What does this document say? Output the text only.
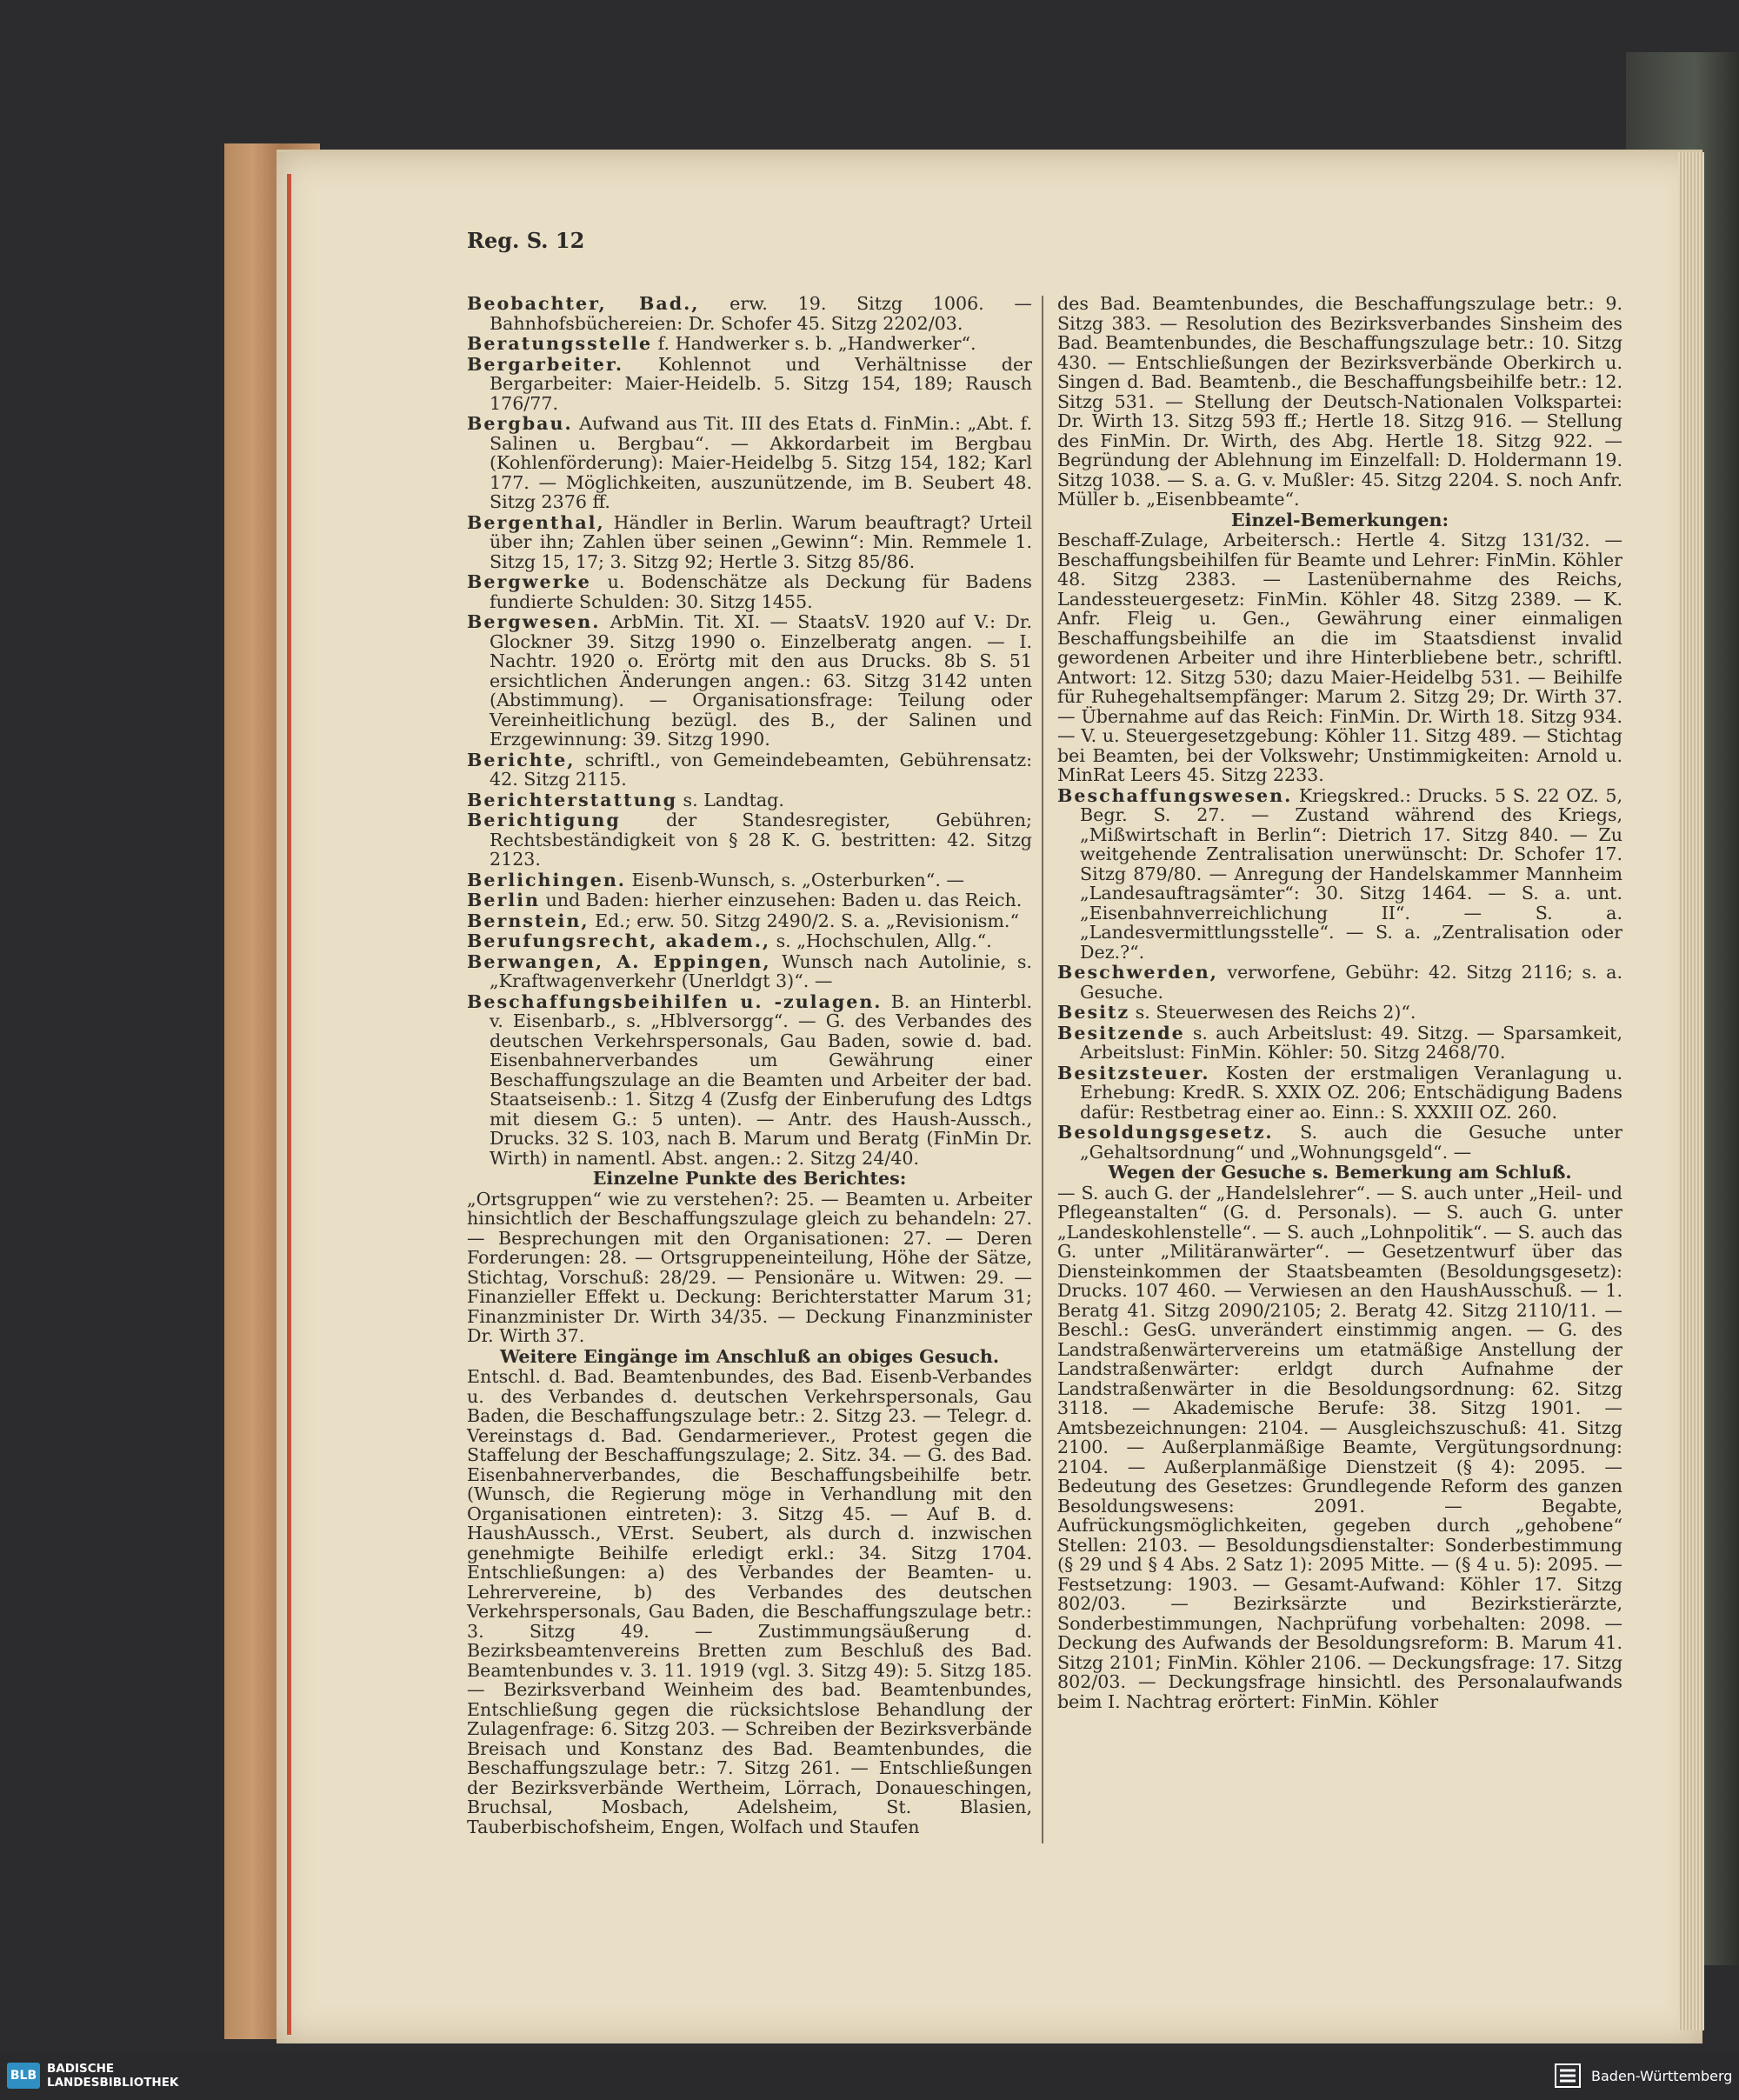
Reg. S. 12

Beobachter, Bad., erw. 19. Sitzg 1006. — Bahnhofsbüchereien: Dr. Schofer 45. Sitzg 2202/03.

Beratungsstelle f. Handwerker s. b. „Handwerker“.

Bergarbeiter. Kohlennot und Verhältnisse der Bergarbeiter: Maier-Heidelb. 5. Sitzg 154, 189; Rausch 176/77.

Bergbau. Aufwand aus Tit. III des Etats d. FinMin.: „Abt. f. Salinen u. Bergbau“. — Akkordarbeit im Bergbau (Kohlenförderung): Maier-Heidelbg 5. Sitzg 154, 182; Karl 177. — Möglichkeiten, auszunützende, im B. Seubert 48. Sitzg 2376 ff.

Bergenthal, Händler in Berlin. Warum beauftragt? Urteil über ihn; Zahlen über seinen „Gewinn“: Min. Remmele 1. Sitzg 15, 17; 3. Sitzg 92; Hertle 3. Sitzg 85/86.

Bergwerke u. Bodenschätze als Deckung für Badens fundierte Schulden: 30. Sitzg 1455.

Bergwesen. ArbMin. Tit. XI. — StaatsV. 1920 auf V.: Dr. Glockner 39. Sitzg 1990 o. Einzelberatg angen. — I. Nachtr. 1920 o. Erörtg mit den aus Drucks. 8b S. 51 ersichtlichen Änderungen angen.: 63. Sitzg 3142 unten (Abstimmung). — Organisationsfrage: Teilung oder Vereinheitlichung bezügl. des B., der Salinen und Erzgewinnung: 39. Sitzg 1990.

Berichte, schriftl., von Gemeindebeamten, Gebührensatz: 42. Sitzg 2115.

Berichterstattung s. Landtag.

Berichtigung	der Standesregister, Gebühren; Rechtsbeständigkeit von § 28 K. G. bestritten: 42. Sitzg 2123.

Berlichingen. Eisenb-Wunsch, s. „Osterburken“. —

Berlin und Baden: hierher einzusehen: Baden u. das Reich.

Bernstein, Ed.; erw. 50. Sitzg 2490/2. S. a. „Revisionism.“

Berufungsrecht, akadem., s. „Hochschulen, Allg.“.

Berwangen, A. Eppingen, Wunsch nach Autolinie, s. „Kraftwagenverkehr (Unerldgt 3)“. —

Beschaffungsbeihilfen u. -zulagen. B. an Hinterbl. v. Eisenbarb., s. „Hblversorgg“. — G. des Verbandes des deutschen Verkehrspersonals, Gau Baden, sowie d. bad. Eisenbahnerverbandes um Gewährung einer Beschaffungszulage an die Beamten und Arbeiter der bad. Staatseisenb.: 1. Sitzg 4 (Zusfg der Einberufung des Ldtgs mit diesem G.: 5 unten). — Antr. des Haush-Aussch., Drucks. 32 S. 103, nach B. Marum und Beratg (FinMin Dr. Wirth) in namentl. Abst. angen.: 2. Sitzg 24/40.

Einzelne Punkte des Berichtes:

„Ortsgruppen“ wie zu verstehen?: 25. — Beamten u. Arbeiter hinsichtlich der Beschaffungszulage gleich zu behandeln: 27. — Besprechungen mit den Organisationen: 27. — Deren Forderungen: 28. — Ortsgruppeneinteilung, Höhe der Sätze, Stichtag, Vorschuß: 28/29. — Pensionäre u. Witwen: 29. — Finanzieller Effekt u. Deckung: Berichterstatter Marum 31; Finanzminister Dr. Wirth 34/35. — Deckung Finanzminister Dr. Wirth 37.

Weitere Eingänge im Anschluß an obiges Gesuch.

Entschl. d. Bad. Beamtenbundes, des Bad. Eisenb-Verbandes u. des Verbandes d. deutschen Verkehrspersonals, Gau Baden, die Beschaffungszulage betr.: 2. Sitzg 23. — Telegr. d. Vereinstags d. Bad. Gendarmeriever., Protest gegen die Staffelung der Beschaffungszulage; 2. Sitz. 34. — G. des Bad. Eisenbahnerverbandes, die Beschaffungsbeihilfe betr. (Wunsch, die Regierung möge in Verhandlung mit den Organisationen eintreten): 3. Sitzg 45. — Auf B. d. HaushAussch., VErst. Seubert, als durch d. inzwischen genehmigte Beihilfe erledigt erkl.: 34. Sitzg 1704. Entschließungen: a) des Verbandes der Beamten- u. Lehrervereine, b) des Verbandes des deutschen Verkehrspersonals, Gau Baden, die Beschaffungszulage betr.: 3. Sitzg 49. — Zustimmungsäußerung d. Bezirksbeamtenvereins Bretten zum Beschluß des Bad. Beamtenbundes v. 3. 11. 1919 (vgl. 3. Sitzg 49): 5. Sitzg 185. — Bezirksverband Weinheim des bad. Beamtenbundes, Entschließung gegen die rücksichtslose Behandlung der Zulagenfrage: 6. Sitzg 203. — Schreiben der Bezirksverbände Breisach und Konstanz des Bad. Beamtenbundes, die Beschaffungszulage betr.: 7. Sitzg 261. — Entschließungen der Bezirksverbände Wertheim, Lörrach, Donaueschingen, Bruchsal, Mosbach, Adelsheim, St. Blasien, Tauberbischofsheim, Engen, Wolfach und Staufen

des Bad. Beamtenbundes, die Beschaffungszulage betr.: 9. Sitzg 383. — Resolution des Bezirksverbandes Sinsheim des Bad. Beamtenbundes, die Beschaffungszulage betr.: 10. Sitzg 430. — Entschließungen der Bezirksverbände Oberkirch u. Singen d. Bad. Beamtenb., die Beschaffungsbeihilfe betr.: 12. Sitzg 531. — Stellung der Deutsch-Nationalen Volkspartei: Dr. Wirth 13. Sitzg 593 ff.; Hertle 18. Sitzg 916. — Stellung des FinMin. Dr. Wirth, des Abg. Hertle 18. Sitzg 922. — Begründung der Ablehnung im Einzelfall: D. Holdermann 19. Sitzg 1038. — S. a. G. v. Mußler: 45. Sitzg 2204. S. noch Anfr. Müller b. „Eisenbbeamte“.

Einzel-Bemerkungen:

Beschaff-Zulage, Arbeitersch.: Hertle 4. Sitzg 131/32. — Beschaffungsbeihilfen für Beamte und Lehrer: FinMin. Köhler 48. Sitzg 2383. — Lastenübernahme des Reichs, Landessteuergesetz: FinMin. Köhler 48. Sitzg 2389. — K. Anfr. Fleig u. Gen., Gewährung einer einmaligen Beschaffungsbeihilfe an die im Staatsdienst invalid gewordenen Arbeiter und ihre Hinterbliebene betr., schriftl. Antwort: 12. Sitzg 530; dazu Maier-Heidelbg 531. — Beihilfe für Ruhegehaltsempfänger: Marum 2. Sitzg 29; Dr. Wirth 37. — Übernahme auf das Reich: FinMin. Dr. Wirth 18. Sitzg 934. — V. u. Steuergesetzgebung: Köhler 11. Sitzg 489. — Stichtag bei Beamten, bei der Volkswehr; Unstimmigkeiten: Arnold u. MinRat Leers 45. Sitzg 2233.

Beschaffungswesen. Kriegskred.: Drucks. 5 S. 22 OZ. 5, Begr. S. 27. — Zustand während des Kriegs, „Mißwirtschaft in Berlin“: Dietrich 17. Sitzg 840. — Zu weitgehende Zentralisation unerwünscht: Dr. Schofer 17. Sitzg 879/80. — Anregung der Handelskammer Mannheim „Landesauftragsämter“: 30. Sitzg 1464. — S. a. unt. „Eisenbahnverreichlichung II“. — S. a. „Landesvermittlungsstelle“. — S. a. „Zentralisation oder Dez.?“.

Beschwerden, verworfene, Gebühr: 42. Sitzg 2116; s. a. Gesuche.

Besitz s. Steuerwesen des Reichs 2)“.

Besitzende s. auch Arbeitslust: 49. Sitzg. — Sparsamkeit, Arbeitslust: FinMin. Köhler: 50. Sitzg 2468/70.

Besitzsteuer. Kosten der erstmaligen Veranlagung u. Erhebung: KredR. S. XXIX OZ. 206; Entschädigung Badens dafür: Restbetrag einer ao. Einn.: S. XXXIII OZ. 260.

Besoldungsgesetz. S. auch die Gesuche unter „Gehaltsordnung“ und „Wohnungsgeld“. —

Wegen der Gesuche s. Bemerkung am Schluß.

— S. auch G. der „Handelslehrer“. — S. auch unter „Heil- und Pflegeanstalten“ (G. d. Personals). — S. auch G. unter „Landeskohlenstelle“. — S. auch „Lohnpolitik“. — S. auch das G. unter „Militäranwärter“. — Gesetzentwurf über das Diensteinkommen der Staatsbeamten (Besoldungsgesetz): Drucks. 107 460. — Verwiesen an den HaushAusschuß. — 1. Beratg 41. Sitzg 2090/2105; 2. Beratg 42. Sitzg 2110/11. — Beschl.: GesG. unverändert einstimmig angen. — G. des Landstraßenwärtervereins um etatmäßige Anstellung der Landstraßenwärter: erldgt durch Aufnahme der Landstraßenwärter in die Besoldungsordnung: 62. Sitzg 3118. — Akademische Berufe: 38. Sitzg 1901. — Amtsbezeichnungen: 2104. — Ausgleichszuschuß: 41. Sitzg 2100. — Außerplanmäßige Beamte, Vergütungsordnung: 2104. — Außerplanmäßige Dienstzeit (§ 4): 2095. — Bedeutung des Gesetzes: Grundlegende Reform des ganzen Besoldungswesens: 2091. — Begabte, Aufrückungsmöglichkeiten, gegeben durch „gehobene“ Stellen: 2103. — Besoldungsdienstalter: Sonderbestimmung (§ 29 und § 4 Abs. 2 Satz 1): 2095 Mitte. — (§ 4 u. 5): 2095. — Festsetzung: 1903. — Gesamt-Aufwand: Köhler 17. Sitzg 802/03. — Bezirksärzte und Bezirkstierärzte, Sonderbestimmungen, Nachprüfung vorbehalten: 2098. — Deckung des Aufwands der Besoldungsreform: B. Marum 41. Sitzg 2101; FinMin. Köhler 2106. — Deckungsfrage: 17. Sitzg 802/03. — Deckungsfrage hinsichtl. des Personalaufwands beim I. Nachtrag erörtert: FinMin. Köhler

BLB BADISCHE
LANDESBIBLIOTHEK	Baden-Württemberg
